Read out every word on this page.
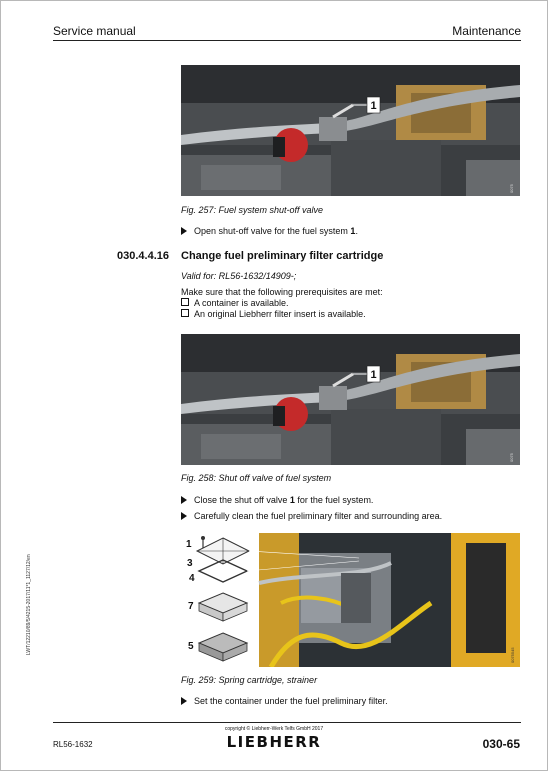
Service manual	Maintenance
1
0075
Fig. 257: Fuel system shut-off valve
Open shut-off valve for the fuel system 1.
030.4.4.16 Change fuel preliminary filter cartridge
Valid for: RL56-1632/14909-;
Make sure that the following prerequisites are met:
A container is available.
An original Liebherr filter insert is available.
1
0075
Fig. 258: Shut off valve of fuel system
Close the shut off valve 1 for the fuel system.
Carefully clean the fuel preliminary filter and surrounding area.
1
3
4
7
5
0075545
Fig. 259: Spring cartridge, strainer
Set the container under the fuel preliminary filter.
LWT/12210/89/5/4215-2017/11*1_1127/12/en
RL56-1632
copyright © Liebherr-Werk Telfs GmbH 2017
LIEBHERR	030-65
